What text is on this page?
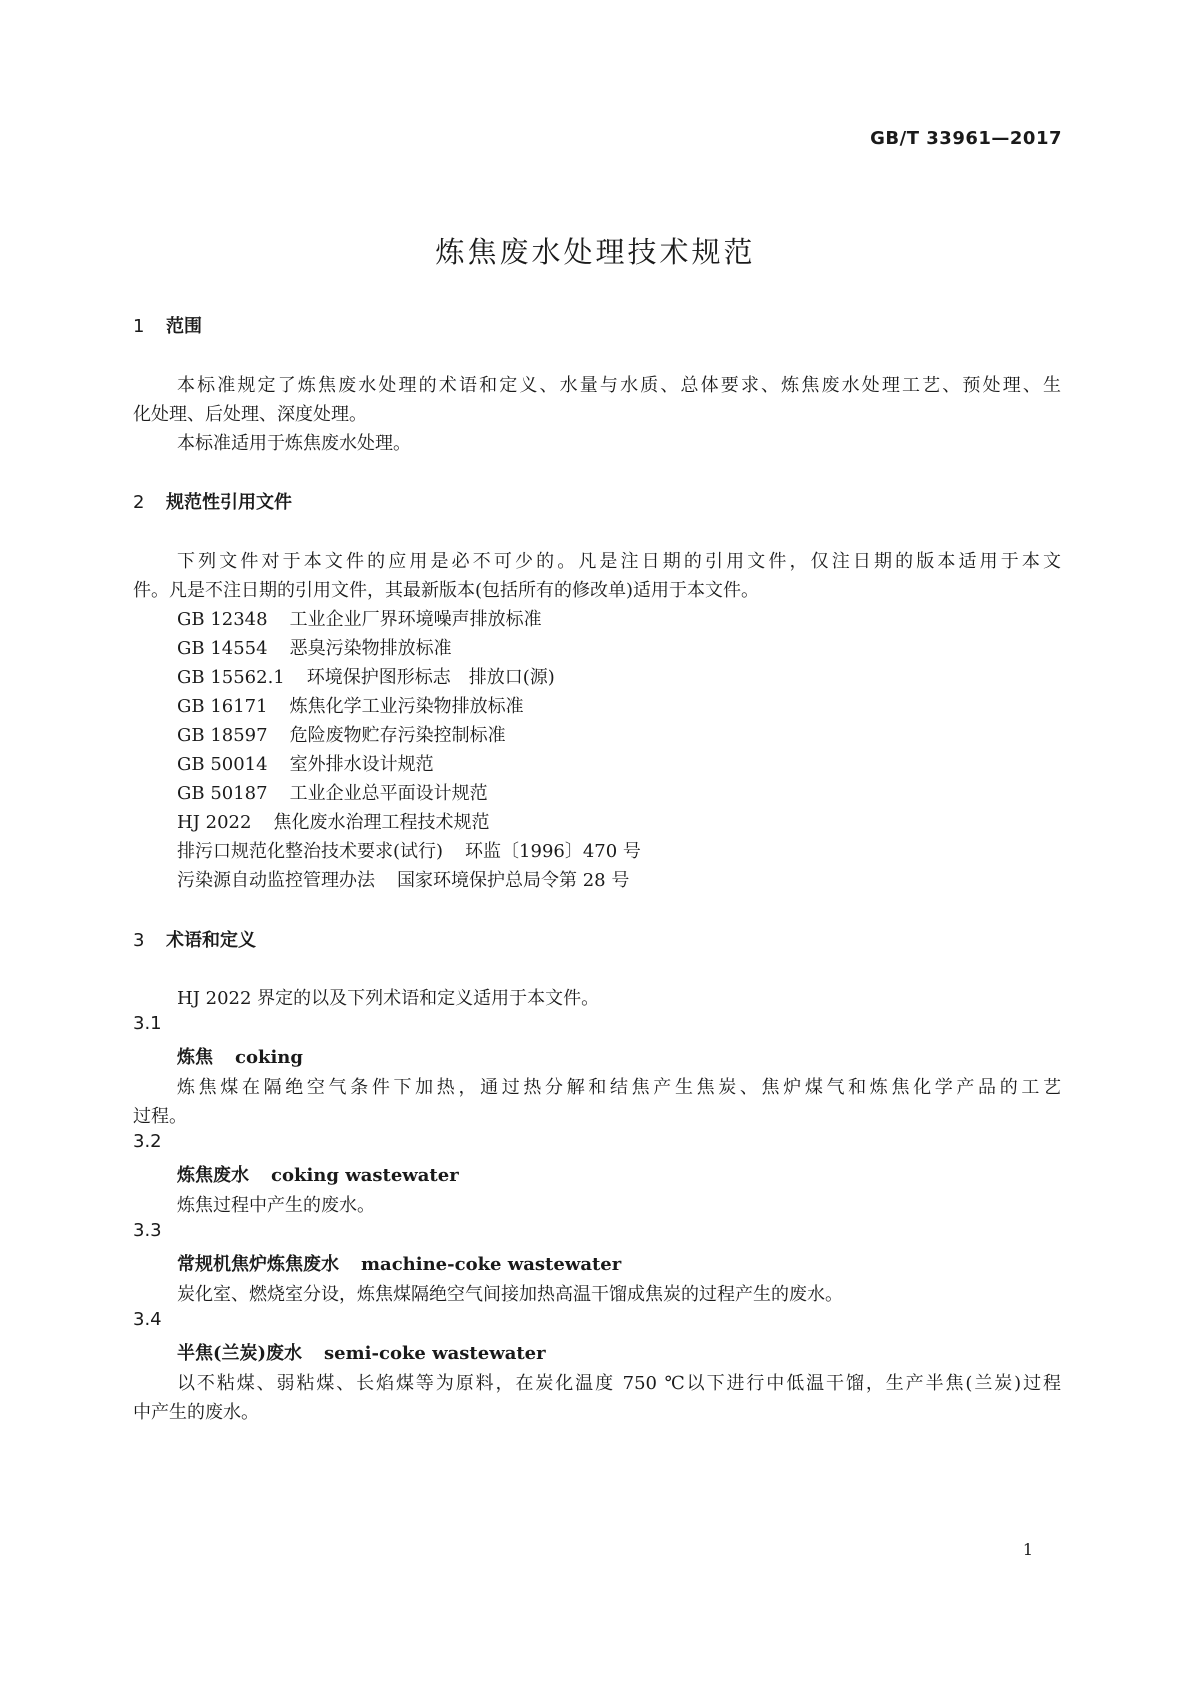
GB/T 33961—2017
炼焦废水处理技术规范
1 范围
本标准规定了炼焦废水处理的术语和定义、水量与水质、总体要求、炼焦废水处理工艺、预处理、生
化处理、后处理、深度处理。
本标准适用于炼焦废水处理。
2 规范性引用文件
下列文件对于本文件的应用是必不可少的。凡是注日期的引用文件，仅注日期的版本适用于本文
件。凡是不注日期的引用文件，其最新版本(包括所有的修改单)适用于本文件。
GB 12348 工业企业厂界环境噪声排放标准
GB 14554 恶臭污染物排放标准
GB 15562.1 环境保护图形标志　排放口(源)
GB 16171 炼焦化学工业污染物排放标准
GB 18597 危险废物贮存污染控制标准
GB 50014 室外排水设计规范
GB 50187 工业企业总平面设计规范
HJ 2022 焦化废水治理工程技术规范
排污口规范化整治技术要求(试行) 环监〔1996〕470 号
污染源自动监控管理办法 国家环境保护总局令第 28 号
3 术语和定义
HJ 2022 界定的以及下列术语和定义适用于本文件。
3.1
炼焦 coking
炼焦煤在隔绝空气条件下加热，通过热分解和结焦产生焦炭、焦炉煤气和炼焦化学产品的工艺
过程。
3.2
炼焦废水 coking wastewater
炼焦过程中产生的废水。
3.3
常规机焦炉炼焦废水 machine-coke wastewater
炭化室、燃烧室分设，炼焦煤隔绝空气间接加热高温干馏成焦炭的过程产生的废水。
3.4
半焦(兰炭)废水 semi-coke wastewater
以不粘煤、弱粘煤、长焰煤等为原料，在炭化温度 750 ℃以下进行中低温干馏，生产半焦(兰炭)过程
中产生的废水。
1
